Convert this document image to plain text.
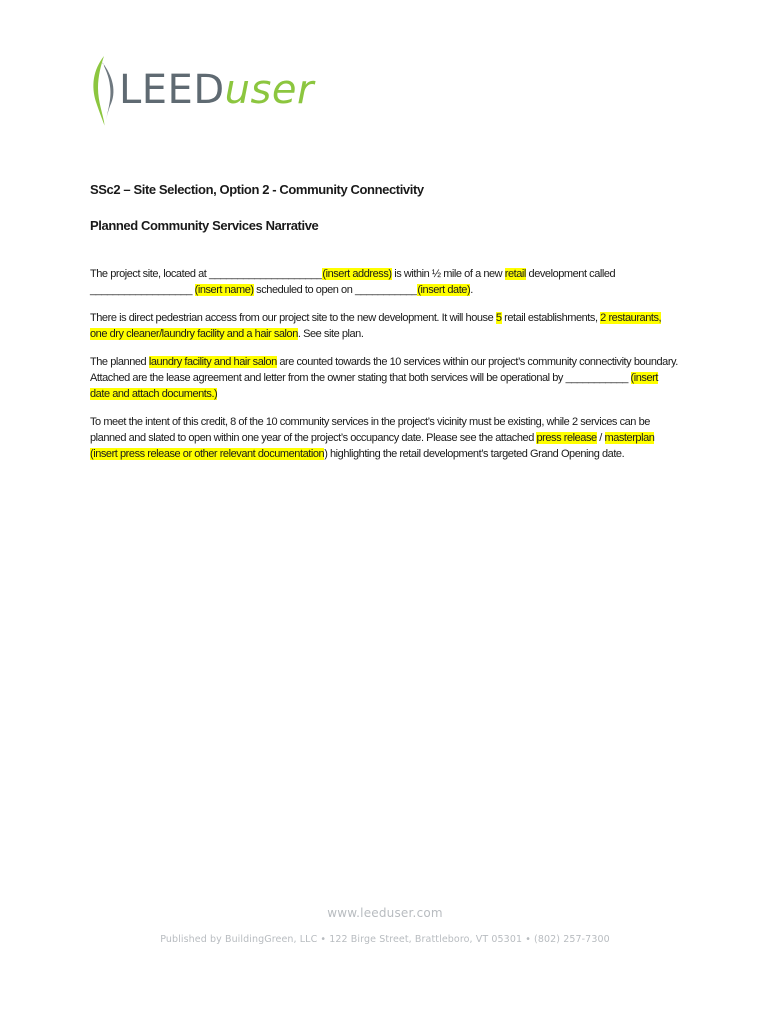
LEEDuser
SSc2 – Site Selection, Option 2 - Community Connectivity
Planned Community Services Narrative

The project site, located at ____________________(insert address) is within ½ mile of a new retail development called __________________ (insert name) scheduled to open on ___________(insert date).

There is direct pedestrian access from our project site to the new development. It will house 5 retail establishments, 2 restaurants, one dry cleaner/laundry facility and a hair salon. See site plan.

The planned laundry facility and hair salon are counted towards the 10 services within our project’s community connectivity boundary. Attached are the lease agreement and letter from the owner stating that both services will be operational by ___________ (insert date and attach documents.)

To meet the intent of this credit, 8 of the 10 community services in the project’s vicinity must be existing, while 2 services can be planned and slated to open within one year of the project’s occupancy date. Please see the attached press release / masterplan (insert press release or other relevant documentation) highlighting the retail development’s targeted Grand Opening date.

www.leeduser.com
Published by BuildingGreen, LLC • 122 Birge Street, Brattleboro, VT 05301 • (802) 257-7300
